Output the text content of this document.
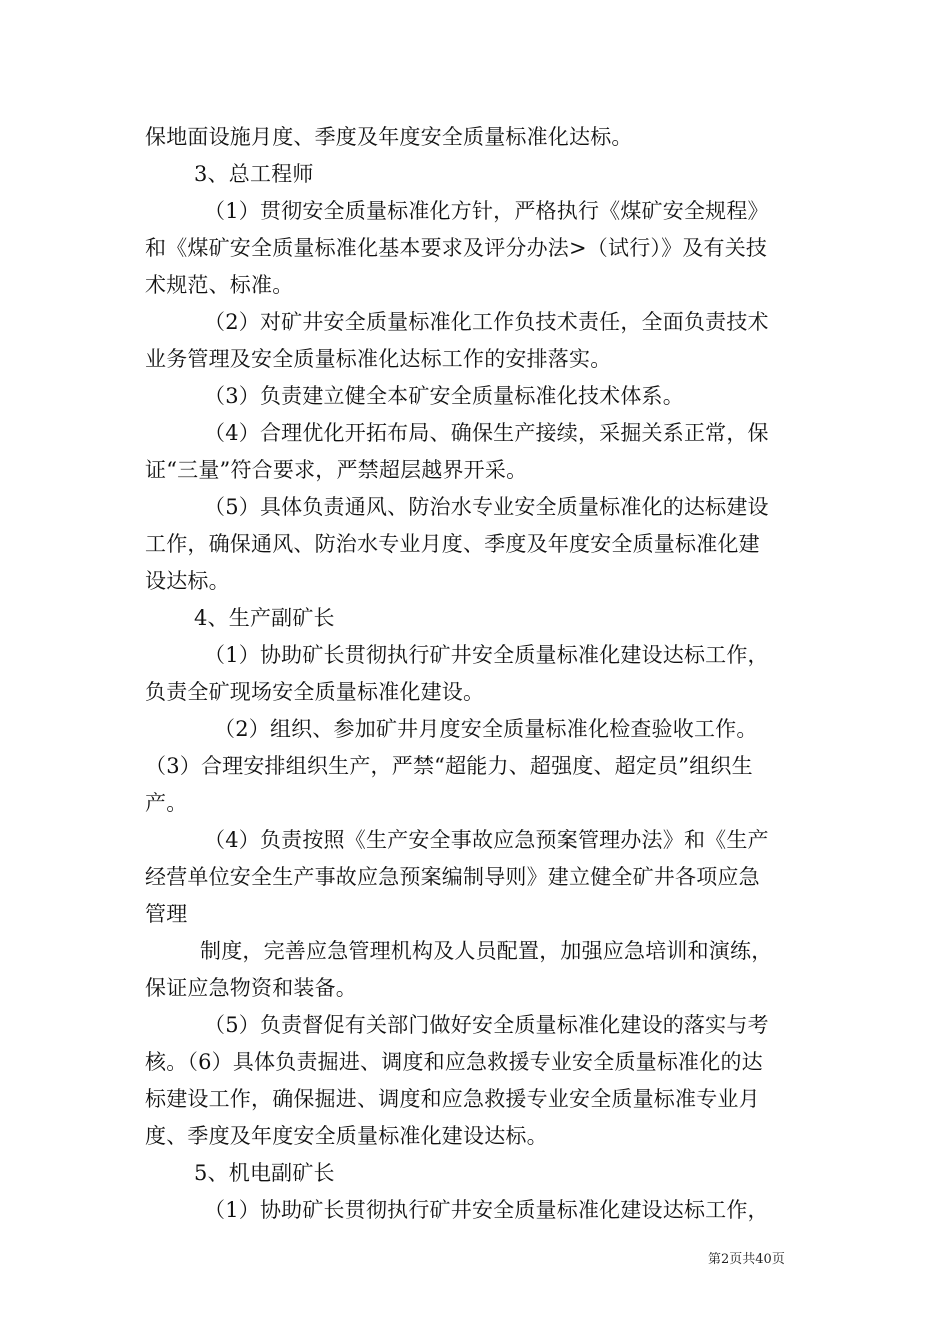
保地面设施月度、季度及年度安全质量标准化达标。
3、总工程师
（1）贯彻安全质量标准化方针，严格执行《煤矿安全规程》
和《煤矿安全质量标准化基本要求及评分办法>（试行）》及有关技
术规范、标准。
（2）对矿井安全质量标准化工作负技术责任，全面负责技术
业务管理及安全质量标准化达标工作的安排落实。
（3）负责建立健全本矿安全质量标准化技术体系。
（4）合理优化开拓布局、确保生产接续，采掘关系正常，保
证“三量”符合要求，严禁超层越界开采。
（5）具体负责通风、防治水专业安全质量标准化的达标建设
工作，确保通风、防治水专业月度、季度及年度安全质量标准化建
设达标。
4、生产副矿长
（1）协助矿长贯彻执行矿井安全质量标准化建设达标工作，
负责全矿现场安全质量标准化建设。
（2）组织、参加矿井月度安全质量标准化检查验收工作。
（3）合理安排组织生产，严禁“超能力、超强度、超定员”组织生
产。
（4）负责按照《生产安全事故应急预案管理办法》和《生产
经营单位安全生产事故应急预案编制导则》建立健全矿井各项应急
管理
制度，完善应急管理机构及人员配置，加强应急培训和演练，
保证应急物资和装备。
（5）负责督促有关部门做好安全质量标准化建设的落实与考
核。（6）具体负责掘进、调度和应急救援专业安全质量标准化的达
标建设工作，确保掘进、调度和应急救援专业安全质量标准专业月
度、季度及年度安全质量标准化建设达标。
5、机电副矿长
（1）协助矿长贯彻执行矿井安全质量标准化建设达标工作，
第2页共40页
